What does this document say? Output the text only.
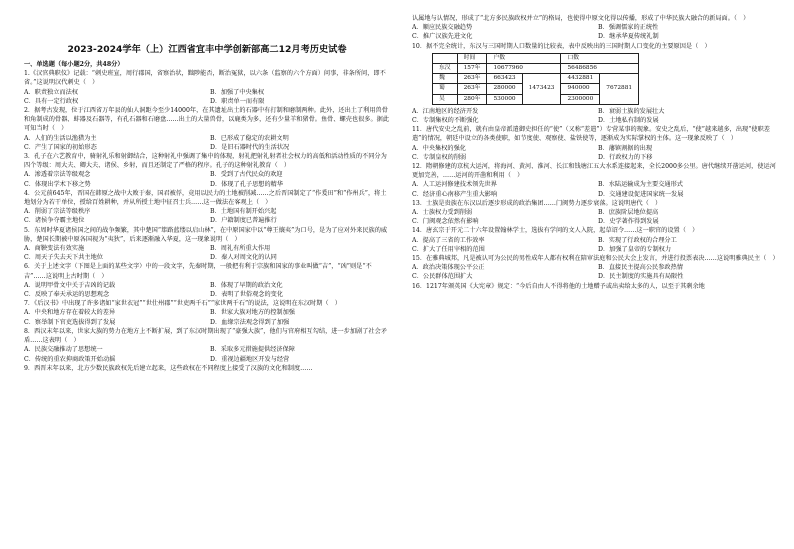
2023-2024学年（上）江西省宜丰中学创新部高二12月考历史试卷
一、单选题（每小题2分，共48分）

1.《汉官典职仪》记载：“刺史班宣，周行郡国，省察治状，黜陟能否，断治冤狱，以六条（监察的六个方面）问事，非条所问，即不省。”这说明汉代刺史（　）

A．职责独立而法权	B．加强了中央集权
C．具有一定行政权	D．职责单一而有限

2．据考古发现，位于江西省万年县的仙人洞距今至少14000年，在其遗址出土的石器中有打制和磨制两种。此外，还出土了利用兽骨和角制成的骨器、蚌器及石器等，有孔石器和石磨盘……出土的大量兽骨，以鹿类为多，还有少量羊和猪骨。鱼骨、螺壳也很多。据此可知当时（　）

A．人们的生活以渔猎为主	B．已形成了稳定的农耕文明
C．产生了国家的初始形态	D．是旧石器时代的生活状况

3．孔子在六艺教育中，骑射礼乐和射御结合，这种射礼中强调了集中的体现，射礼把射礼射者社会权力的高低和活动性质的不同分为四个等级：周大夫、卿大夫、诸侯、乡射，而且还制定了严格的程序。孔子的这种射礼教育（　）

A．渗透着宗法等级观念	B．受到了古代民众的欢迎
C．体现出学术下移之势	D．体现了孔子思想的精华

4．公元前645年，晋国在韩原之战中大败于秦，国君被俘，竟用以民力的土地被削减……之后晋国制定了“作爰田”和“作州兵”，将土地划分为若干单位，授给百姓耕种，并从所授土地中征召士兵……这一做法在客观上（　）

A．削弱了宗法等级秩序	B．土地国有制开始兴起
C．诸侯争夺霸主地位	D．户籍制度已普遍推行

5．东周时华夏诸侯国之间的战争频繁，其中楚国“筚路蓝缕以启山林”，在中原国家中以“尊王攘夷”为口号，是为了应对外来民族的威胁，楚国长期被中原各国视为“夷狄”，后来逐渐融入华夏，这一现象说明（　）

A．商鞅变法有效实施	B．周礼有所重大作用
C．周天子失去天下共主地位	D．秦人对周文化的认同

6．关于上述文字（下图是上面的某些文字）中的一段文字，先秦时期，一般把有利于宗族和国家的事业叫做“吉”，“凶”则是“不吉”……这说明上古时期（　）

A．说明甲骨文中关于吉凶的记载	B．体现了早期的政治文化
C．反映了奉天承运的思想观念	D．表明了世俗观念的变化

7．《后汉书》中出现了许多诸如“家世衣冠”“世仕州郡”“世吏两千石”“家世两千石”的说法，这说明在东汉时期（　）

A．中央和地方存在着较大的差异	B．世家大族对地方的控制加强
C．察举制下官吏选拔得到了发展	D．血缘宗法观念得到了加强

8．西汉末年以来，世家大族的势力在地方上不断扩展，到了东汉时期出现了“豪强大族”，他们与官府相互勾结，进一步加剧了社会矛盾……这表明（　）

A．民族交融推动了思想统一	B．采取多元措施提供经济保障
C．传统的重农抑商政策开始动摇	D．重视边疆地区开发与经营

9．西晋末年以来，北方少数民族政权先后建立起来，这些政权在不同程度上接受了汉族的文化和制度……

认属地与认情况，形成了“北方多民族政权并立”的格局，也使得中原文化得以传播，形成了中华民族大融合的新局面。（　）

A．顺应民族交融趋势	B．强调儒家的正统性
C．推广汉族先进文化	D．继承华夏传统礼制

10．据不完全统计，东汉与三国时期人口数量的比较表，表中反映出的三国时期人口变化的主要原因是（　）

	时间	户数		口数	
东汉	157年	10677960		56486856	
魏	263年	663423	1473423	4432881	7672881
蜀	263年	280000		940000	
吴	280年	530000		2300000	
A．江南地区的经济开发	B．衰弱士族的发展壮大
C．专制集权的不断强化	D．土地私有制的发展

11．唐代安史之乱前，就有由皇帝派遣御史担任的“使”（又称“差遣”）专营某事的现象。安史之乱后，“使”越来越多，出现“使职差遣”的情况，朝廷中设立的各类使职，如节度使、观察使、盐铁使等，逐渐成为实际掌权的主体。这一现象反映了（　）

A．中央集权的强化	B．藩镇割据的出现
C．专制皇权的削弱	D．行政权力的下移

12．隋朝修建的京杭大运河，将海河、黄河、淮河、长江和钱塘江五大水系连接起来，全长2000多公里。唐代继续开凿运河，使运河更加完善，……运河的开凿和利用（　）

A．人工运河修建技术领先世界	B．水陆运输成为主要交通形式
C．经济重心南移产生重大影响	D．交通建设促进国家统一发展

13．士族是贵族在东汉以后逐步形成的政治集团……门阀势力逐步衰落。这说明唐代（　）

A．士族权力受到削弱	B．庶族阶层地位提高
C．门阀观念依然有影响	D．史学著作得到发展

14．唐玄宗于开元二十六年设置翰林学士，选拔有学问的文人入院，起草诏令……这一职官的设置（　）

A．提高了三省的工作效率	B．实现了行政权的合理分工
C．扩大了任用宰相的范围	D．加强了皇帝的专制权力

15．在雅典城邦，凡是被认可为公民的男性成年人都有权利在陪审法庭和公民大会上发言，并进行投票表决……这说明雅典民主（　）

A．政治决策体现公平公正	B．直接民主提高公民参政热情
C．公民群体范围扩大	D．民主制度的实施具有局限性

16．1217年颁英国《大宪章》规定：“今后自由人不得将他的土地赠予或出卖给太多的人，以至于其剩余地
